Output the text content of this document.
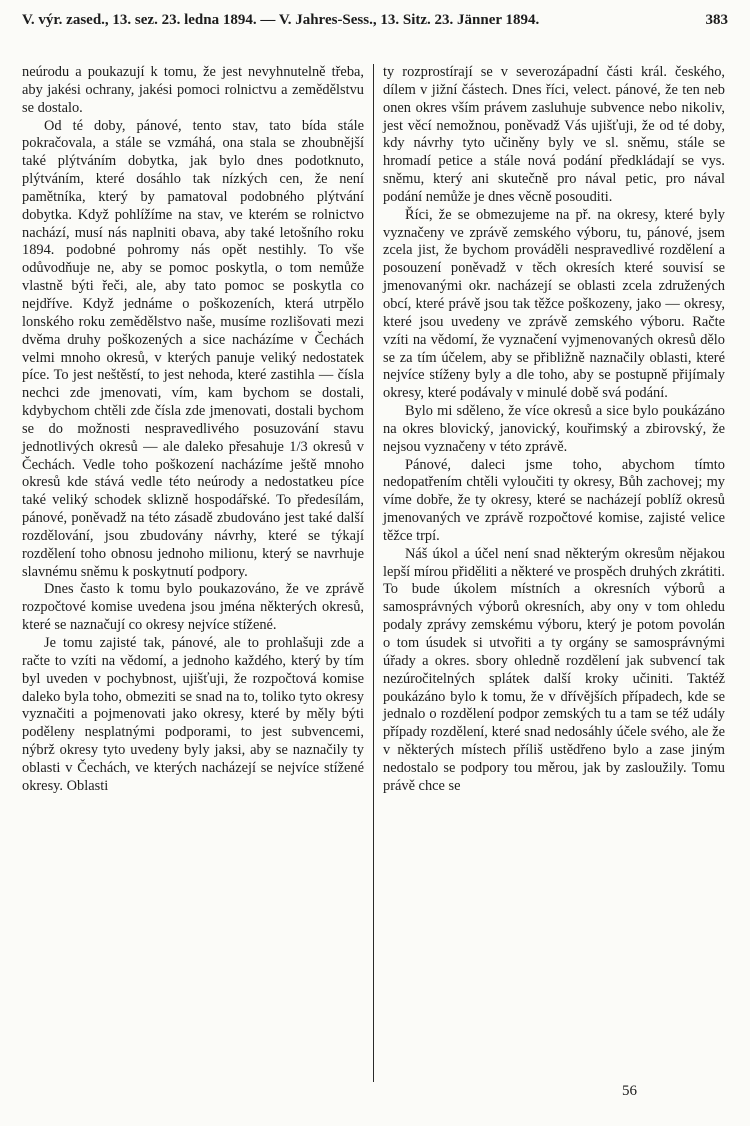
V. výr. zased., 13. sez. 23. ledna 1894. — V. Jahres-Sess., 13. Sitz. 23. Jänner 1894.	383

neúrodu a poukazují k tomu, že jest nevyhnutelně třeba, aby jakési ochrany, jakési pomoci rolnictvu a zemědělstvu se dostalo.

Od té doby, pánové, tento stav, tato bída stále pokračovala, a stále se vzmáhá, ona stala se zhoubnější také plýtváním dobytka, jak bylo dnes podotknuto, plýtváním, které dosáhlo tak nízkých cen, že není pamětníka, který by pamatoval podobného plýtvání dobytka. Když pohlížíme na stav, ve kterém se rolnictvo nachází, musí nás naplniti obava, aby také letošního roku 1894. podobné pohromy nás opět nestihly. To vše odůvodňuje ne, aby se pomoc poskytla, o tom nemůže vlastně býti řeči, ale, aby tato pomoc se poskytla co nejdříve. Když jednáme o poškozeních, která utrpělo lonského roku zemědělstvo naše, musíme rozlišovati mezi dvěma druhy poškozených a sice nacházíme v Čechách velmi mnoho okresů, v kterých panuje veliký nedostatek píce. To jest neštěstí, to jest nehoda, které zastihla — čísla nechci zde jmenovati, vím, kam bychom se dostali, kdybychom chtěli zde čísla zde jmenovati, dostali bychom se do možnosti nespravedlivého posuzování stavu jednotlivých okresů — ale daleko přesahuje 1/3 okresů v Čechách. Vedle toho poškození nacházíme ještě mnoho okresů kde stává vedle této neúrody a nedostatkeu píce také veliký schodek sklizně hospodářské. To předesílám, pánové, poněvadž na této zásadě zbudováno jest také další rozdělování, jsou zbudovány návrhy, které se týkají rozdělení toho obnosu jednoho milionu, který se navrhuje slavnému sněmu k poskytnutí podpory.

Dnes často k tomu bylo poukazováno, že ve zprávě rozpočtové komise uvedena jsou jména některých okresů, které se naznačují co okresy nejvíce stížené.

Je tomu zajisté tak, pánové, ale to prohlašuji zde a račte to vzíti na vědomí, a jednoho každého, který by tím byl uveden v pochybnost, ujišťuji, že rozpočtová komise daleko byla toho, obmeziti se snad na to, toliko tyto okresy vyznačiti a pojmenovati jako okresy, které by měly býti poděleny nesplatnými podporami, to jest subvencemi, nýbrž okresy tyto uvedeny byly jaksi, aby se naznačily ty oblasti v Čechách, ve kterých nacházejí se nejvíce stížené okresy. Oblasti

ty rozprostírají se v severozápadní části král. českého, dílem v jižní částech. Dnes říci, velect. pánové, že ten neb onen okres vším právem zasluhuje subvence nebo nikoliv, jest věcí nemožnou, poněvadž Vás ujišťuji, že od té doby, kdy návrhy tyto učiněny byly ve sl. sněmu, stále se hromadí petice a stále nová podání předkládají se vys. sněmu, který ani skutečně pro nával petic, pro nával podání nemůže je dnes věcně posouditi.

Říci, že se obmezujeme na př. na okresy, které byly vyznačeny ve zprávě zemského výboru, tu, pánové, jsem zcela jist, že bychom prováděli nespravedlivé rozdělení a posouzení poněvadž v těch okresích které souvisí se jmenovanými okr. nacházejí se oblasti zcela združených obcí, které právě jsou tak těžce poškozeny, jako — okresy, které jsou uvedeny ve zprávě zemského výboru. Račte vzíti na vědomí, že vyznačení vyjmenovaných okresů dělo se za tím účelem, aby se přibližně naznačily oblasti, které nejvíce stíženy byly a dle toho, aby se postupně přijímaly okresy, které podávaly v minulé době svá podání.

Bylo mi sděleno, že více okresů a sice bylo poukázáno na okres blovický, janovický, kouřimský a zbirovský, že nejsou vyznačeny v této zprávě.

Pánové, daleci jsme toho, abychom tímto nedopatřením chtěli vyloučiti ty okresy, Bůh zachovej; my víme dobře, že ty okresy, které se nacházejí poblíž okresů jmenovaných ve zprávě rozpočtové komise, zajisté velice těžce trpí.

Náš úkol a účel není snad některým okresům nějakou lepší mírou přiděliti a některé ve prospěch druhých zkrátiti. To bude úkolem místních a okresních výborů a samosprávných výborů okresních, aby ony v tom ohledu podaly zprávy zemskému výboru, který je potom povolán o tom úsudek si utvořiti a ty orgány se samosprávnými úřady a okres. sbory ohledně rozdělení jak subvencí tak nezúročitelných splátek další kroky učiniti. Taktéž poukázáno bylo k tomu, že v dřívějších případech, kde se jednalo o rozdělení podpor zemských tu a tam se též udály případy rozdělení, které snad nedosáhly účele svého, ale že v některých místech příliš ustědřeno bylo a zase jiným nedostalo se podpory tou měrou, jak by zasloužily. Tomu právě chce se

56
